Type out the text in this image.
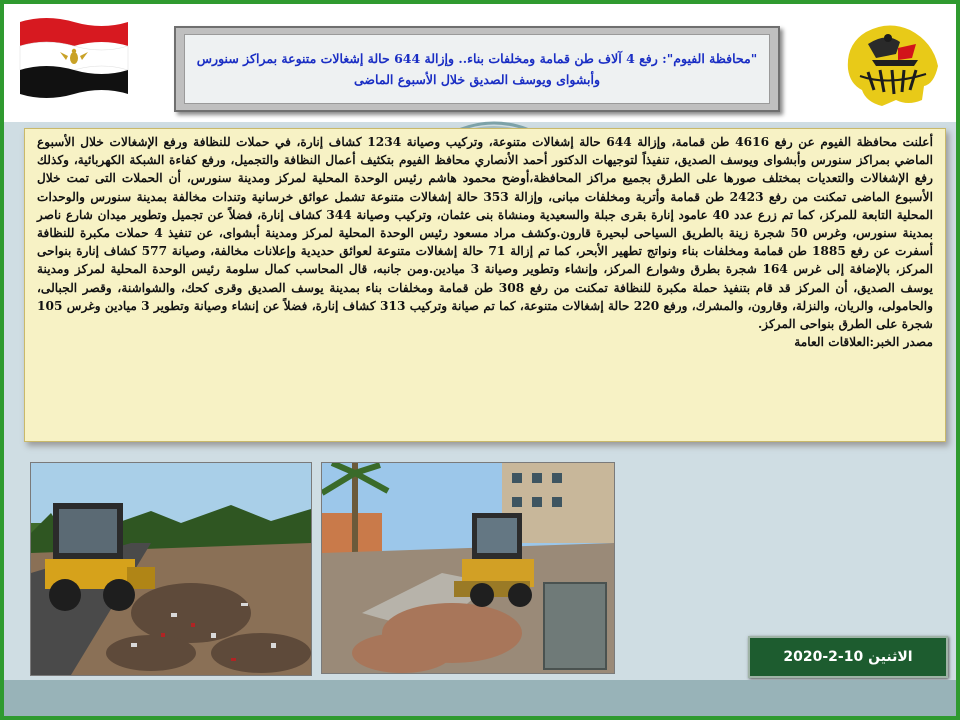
"محافظة الفيوم": رفع 4 آلاف طن قمامة ومخلفات بناء.. وإزالة 644 حالة إشغالات متنوعة بمراكز سنورس وأبشواى ويوسف الصديق خلال الأسبوع الماضى
أعلنت محافظة الفيوم عن رفع 4616 طن قمامة، وإزالة 644 حالة إشغالات متنوعة، وتركيب وصيانة 1234 كشاف إنارة، في حملات للنظافة ورفع الإشغالات خلال الأسبوع الماضي بمراكز سنورس وأبشواى ويوسف الصديق، تنفيذاً لتوجيهات الدكتور أحمد الأنصاري محافظ الفيوم بتكثيف أعمال النظافة والتجميل، ورفع كفاءة الشبكة الكهربائية، وكذلك رفع الإشغالات والتعديات بمختلف صورها على الطرق بجميع مراكز المحافظة،أوضح محمود هاشم رئيس الوحدة المحلية لمركز ومدينة سنورس، أن الحملات التى تمت خلال الأسبوع الماضى تمكنت من رفع 2423 طن قمامة وأتربة ومخلفات مبانى، وإزالة 353 حالة إشغالات متنوعة تشمل عوائق خرسانية وتندات مخالفة بمدينة سنورس والوحدات المحلية التابعة للمركز، كما تم زرع عدد 40 عامود إنارة بقرى جبلة والسعيدية ومنشاة بنى عثمان، وتركيب وصيانة 344 كشاف إنارة، فضلاً عن تجميل وتطوير ميدان شارع ناصر بمدينة سنورس، وغرس 50 شجرة زينة بالطريق السياحى لبحيرة قارون.وكشف مراد مسعود رئيس الوحدة المحلية لمركز ومدينة أبشواى، عن تنفيذ 4 حملات مكبرة للنظافة أسفرت عن رفع 1885 طن قمامة ومخلفات بناء ونواتج تطهير الأبحر، كما تم إزالة 71 حالة إشغالات متنوعة لعوائق حديدية وإعلانات مخالفة، وصيانة 577 كشاف إنارة بنواحى المركز، بالإضافة إلى غرس 164 شجرة بطرق وشوارع المركز، وإنشاء وتطوير وصيانة 3 ميادين.ومن جانبه، قال المحاسب كمال سلومة رئيس الوحدة المحلية لمركز ومدينة يوسف الصديق، أن المركز قد قام بتنفيذ حملة مكبرة للنظافة تمكنت من رفع 308 طن قمامة ومخلفات بناء بمدينة يوسف الصديق وقرى كحك، والشواشنة، وقصر الجبالى، والحامولى، والريان، والنزلة، وقارون، والمشرك، ورفع 220 حالة إشغالات متنوعة، كما تم صيانة وتركيب 313 كشاف إنارة، فضلاً عن إنشاء وصيانة وتطوير 3 ميادين وغرس 105 شجرة على الطرق بنواحى المركز.
مصدر الخبر:العلاقات العامة
الاثنين 10-2-2020
